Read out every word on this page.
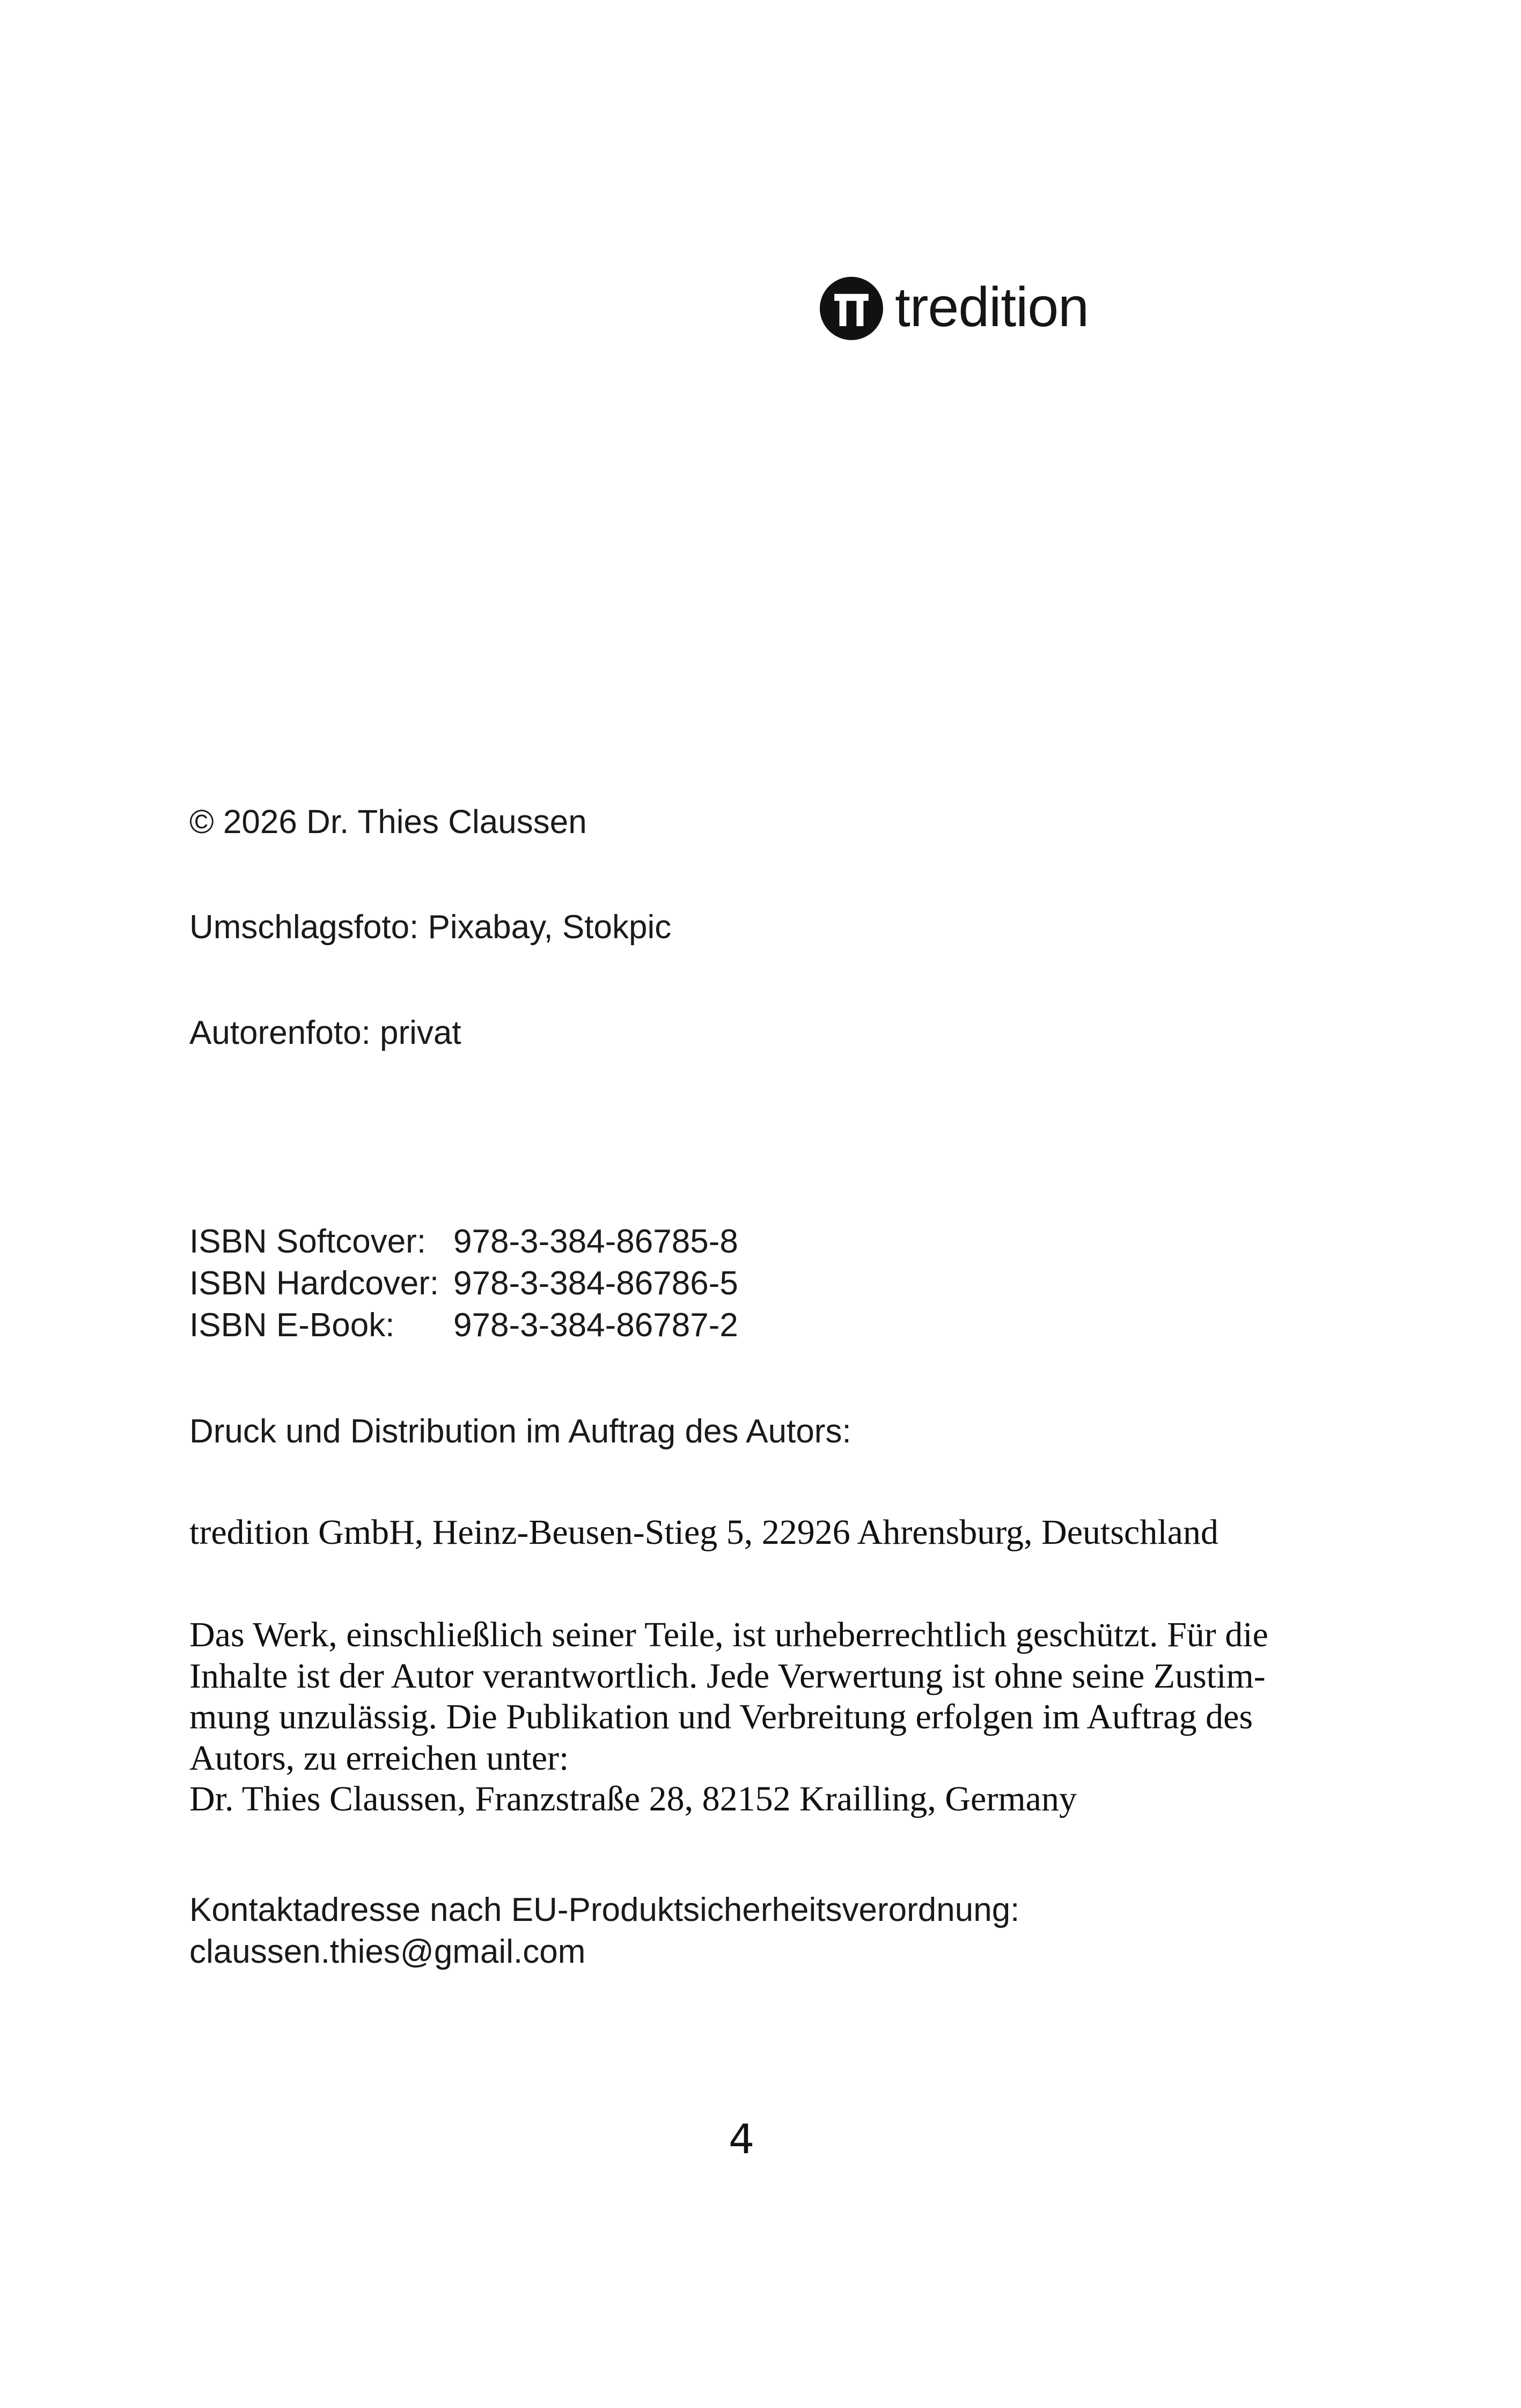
tredition
© 2026 Dr. Thies Claussen
Umschlagsfoto: Pixabay, Stokpic
Autorenfoto: privat
ISBN Softcover: 978-3-384-86785-8
ISBN Hardcover: 978-3-384-86786-5
ISBN E-Book:	978-3-384-86787-2
Druck und Distribution im Auftrag des Autors:
tredition GmbH, Heinz-Beusen-Stieg 5, 22926 Ahrensburg, Deutschland
Das Werk, einschließlich seiner Teile, ist urheberrechtlich geschützt. Für die
Inhalte ist der Autor verantwortlich. Jede Verwertung ist ohne seine Zustim-
mung unzulässig. Die Publikation und Verbreitung erfolgen im Auftrag des
Autors, zu erreichen unter:
Dr. Thies Claussen, Franzstraße 28, 82152 Krailling, Germany
Kontaktadresse nach EU-Produktsicherheitsverordnung:
claussen.thies@gmail.com
4
